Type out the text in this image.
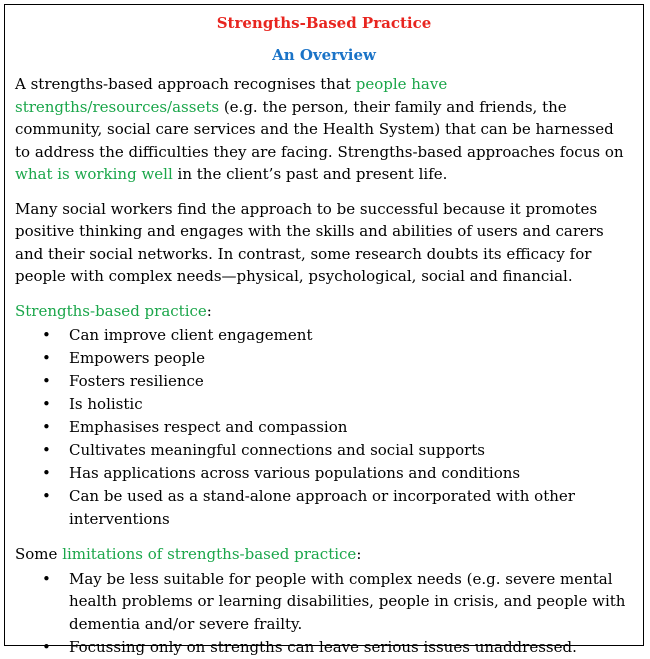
Strengths-Based Practice
An Overview

A strengths-based approach recognises that people have strengths/resources/assets (e.g. the person, their family and friends, the community, social care services and the Health System) that can be harnessed to address the difficulties they are facing. Strengths-based approaches focus on what is working well in the client’s past and present life.

Many social workers find the approach to be successful because it promotes positive thinking and engages with the skills and abilities of users and carers and their social networks. In contrast, some research doubts its efficacy for people with complex needs—physical, psychological, social and financial.

Strengths-based practice:

• Can improve client engagement
• Empowers people
• Fosters resilience
• Is holistic
• Emphasises respect and compassion
• Cultivates meaningful connections and social supports
• Has applications across various populations and conditions
• Can be used as a stand-alone approach or incorporated with other interventions

Some limitations of strengths-based practice:

• May be less suitable for people with complex needs (e.g. severe mental health problems or learning disabilities, people in crisis, and people with dementia and/or severe frailty.
• Focussing only on strengths can leave serious issues unaddressed.
